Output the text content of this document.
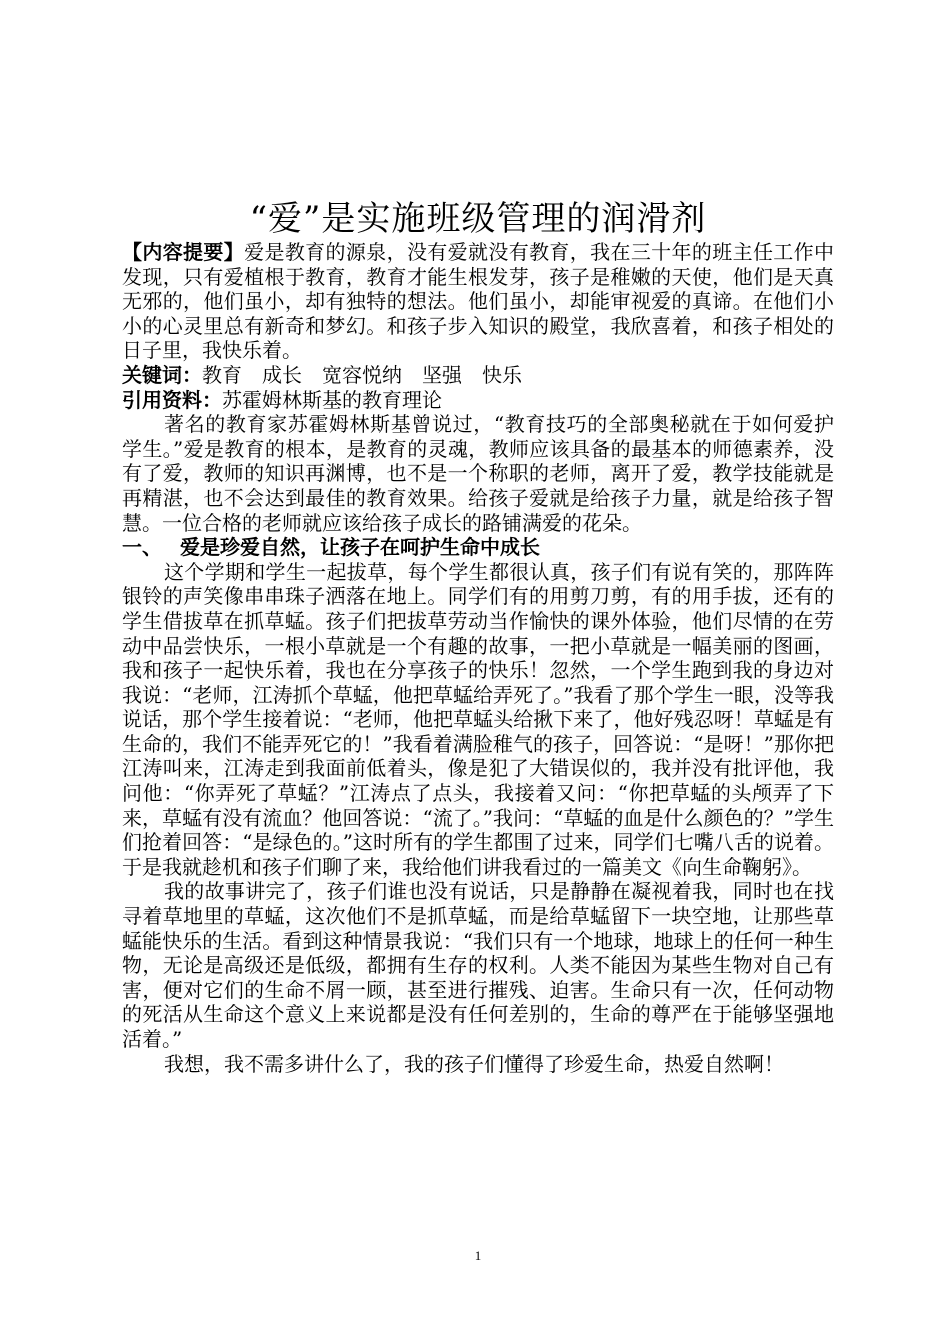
“爱”是实施班级管理的润滑剂

【内容提要】爱是教育的源泉，没有爱就没有教育，我在三十年的班主任工作中发现，只有爱植根于教育，教育才能生根发芽，孩子是稚嫩的天使，他们是天真无邪的，他们虽小，却有独特的想法。他们虽小，却能审视爱的真谛。在他们小小的心灵里总有新奇和梦幻。和孩子步入知识的殿堂，我欣喜着，和孩子相处的日子里，我快乐着。

关键词：教育 成长 宽容悦纳 坚强 快乐

引用资料：苏霍姆林斯基的教育理论

著名的教育家苏霍姆林斯基曾说过，“教育技巧的全部奥秘就在于如何爱护学生。”爱是教育的根本，是教育的灵魂，教师应该具备的最基本的师德素养，没有了爱，教师的知识再渊博，也不是一个称职的老师，离开了爱，教学技能就是再精湛，也不会达到最佳的教育效果。给孩子爱就是给孩子力量，就是给孩子智慧。一位合格的老师就应该给孩子成长的路铺满爱的花朵。

一、 爱是珍爱自然，让孩子在呵护生命中成长

这个学期和学生一起拔草，每个学生都很认真，孩子们有说有笑的，那阵阵银铃的声笑像串串珠子洒落在地上。同学们有的用剪刀剪，有的用手拔，还有的学生借拔草在抓草蜢。孩子们把拔草劳动当作愉快的课外体验，他们尽情的在劳动中品尝快乐，一根小草就是一个有趣的故事，一把小草就是一幅美丽的图画，我和孩子一起快乐着，我也在分享孩子的快乐！忽然，一个学生跑到我的身边对我说：“老师，江涛抓个草蜢，他把草蜢给弄死了。”我看了那个学生一眼，没等我说话，那个学生接着说：“老师，他把草蜢头给揪下来了，他好残忍呀！草蜢是有生命的，我们不能弄死它的！”我看着满脸稚气的孩子，回答说：“是呀！”那你把江涛叫来，江涛走到我面前低着头，像是犯了大错误似的，我并没有批评他，我问他：“你弄死了草蜢？”江涛点了点头，我接着又问：“你把草蜢的头颅弄了下来，草蜢有没有流血？他回答说：“流了。”我问：“草蜢的血是什么颜色的？”学生们抢着回答：“是绿色的。”这时所有的学生都围了过来，同学们七嘴八舌的说着。于是我就趁机和孩子们聊了来，我给他们讲我看过的一篇美文《向生命鞠躬》。

我的故事讲完了，孩子们谁也没有说话，只是静静在凝视着我，同时也在找寻着草地里的草蜢，这次他们不是抓草蜢，而是给草蜢留下一块空地，让那些草蜢能快乐的生活。看到这种情景我说：“我们只有一个地球，地球上的任何一种生物，无论是高级还是低级，都拥有生存的权利。人类不能因为某些生物对自己有害，便对它们的生命不屑一顾，甚至进行摧残、迫害。生命只有一次，任何动物的死活从生命这个意义上来说都是没有任何差别的，生命的尊严在于能够坚强地活着。”

我想，我不需多讲什么了，我的孩子们懂得了珍爱生命，热爱自然啊！

1
